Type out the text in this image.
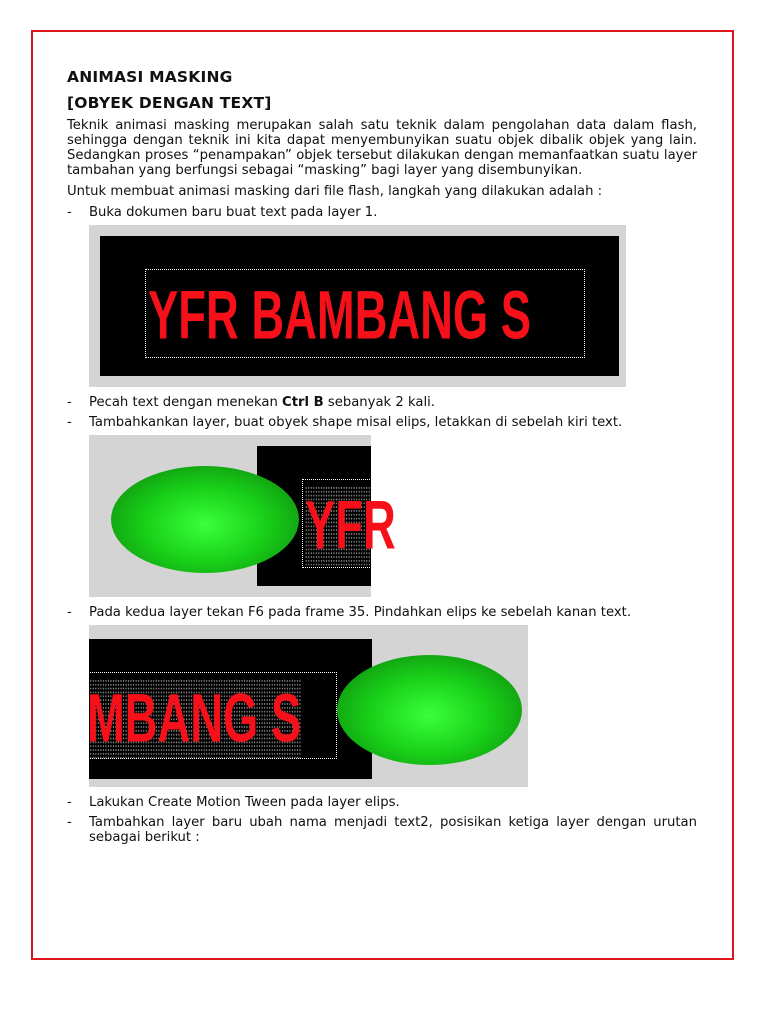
ANIMASI MASKING
[OBYEK DENGAN TEXT]

Teknik animasi masking merupakan salah satu teknik dalam pengolahan data dalam flash, sehingga dengan teknik ini kita dapat menyembunyikan suatu objek dibalik objek yang lain. Sedangkan proses “penampakan” objek tersebut dilakukan dengan memanfaatkan suatu layer tambahan yang berfungsi sebagai “masking” bagi layer yang disembunyikan.

Untuk membuat animasi masking dari file flash, langkah yang dilakukan adalah :

- Buka dokumen baru buat text pada layer 1.
YFR BAMBANG S
- Pecah text dengan menekan Ctrl B sebanyak 2 kali.
- Tambahkankan layer, buat obyek shape misal elips, letakkan di sebelah kiri text.
YFR
- Pada kedua layer tekan F6 pada frame 35. Pindahkan elips ke sebelah kanan text.
MBANG S
- Lakukan Create Motion Tween pada layer elips.
- Tambahkan layer baru ubah nama menjadi text2, posisikan ketiga layer dengan urutan sebagai berikut :
